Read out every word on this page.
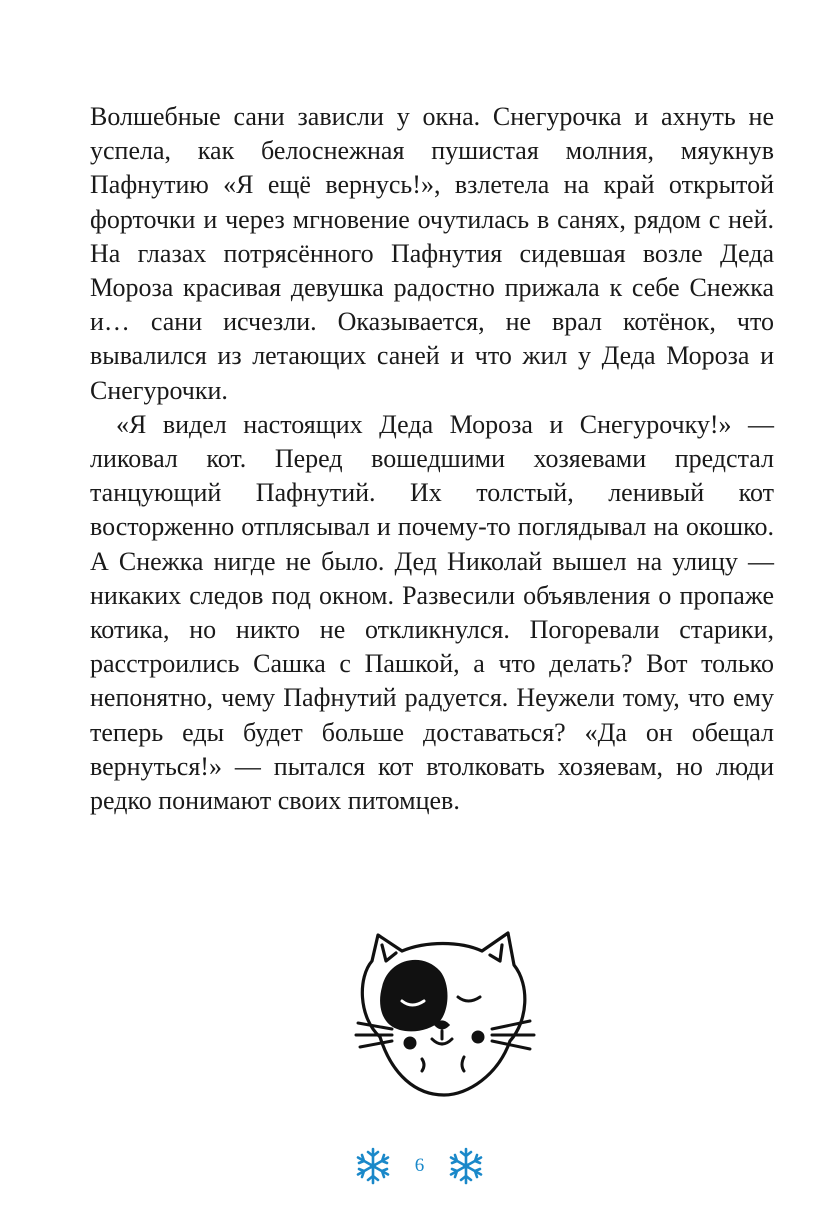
Волшебные сани зависли у окна. Снегурочка и ахнуть не успела, как белоснежная пушистая молния, мяукнув Пафнутию «Я ещё вернусь!», взлетела на край открытой форточки и через мгновение очутилась в санях, рядом с ней. На глазах потрясённого Пафнутия сидевшая возле Деда Мороза красивая девушка радостно прижала к себе Снежка и… сани исчезли. Оказывается, не врал котёнок, что вывалился из летающих саней и что жил у Деда Мороза и Снегурочки.

«Я видел настоящих Деда Мороза и Снегурочку!» — ликовал кот. Перед вошедшими хозяевами предстал танцующий Пафнутий. Их толстый, ленивый кот восторженно отплясывал и почему-то поглядывал на окошко. А Снежка нигде не было. Дед Николай вышел на улицу — никаких следов под окном. Развесили объявления о пропаже котика, но никто не откликнулся. Погоревали старики, расстроились Сашка с Пашкой, а что делать? Вот только непонятно, чему Пафнутий радуется. Неужели тому, что ему теперь еды будет больше доставаться? «Да он обещал вернуться!» — пытался кот втолковать хозяевам, но люди редко понимают своих питомцев.

6
